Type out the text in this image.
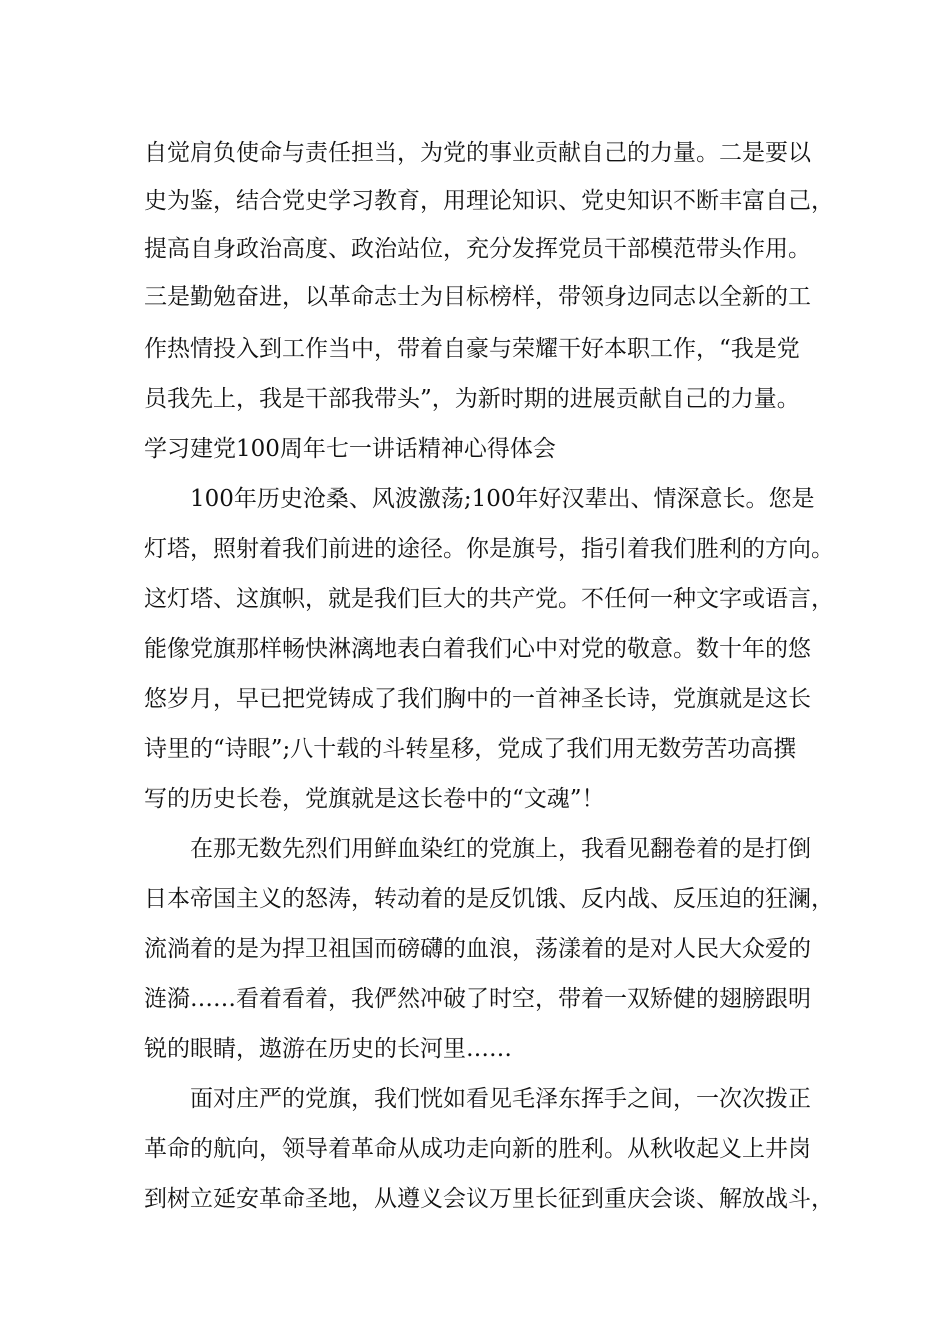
自觉肩负使命与责任担当，为党的事业贡献自己的力量。二是要以
史为鉴，结合党史学习教育，用理论知识、党史知识不断丰富自己，
提高自身政治高度、政治站位，充分发挥党员干部模范带头作用。
三是勤勉奋进，以革命志士为目标榜样，带领身边同志以全新的工
作热情投入到工作当中，带着自豪与荣耀干好本职工作，“我是党
员我先上，我是干部我带头”，为新时期的进展贡献自己的力量。
学习建党100周年七一讲话精神心得体会
100年历史沧桑、风波激荡;100年好汉辈出、情深意长。您是
灯塔，照射着我们前进的途径。你是旗号，指引着我们胜利的方向。
这灯塔、这旗帜，就是我们巨大的共产党。不任何一种文字或语言，
能像党旗那样畅快淋漓地表白着我们心中对党的敬意。数十年的悠
悠岁月，早已把党铸成了我们胸中的一首神圣长诗，党旗就是这长
诗里的“诗眼”;八十载的斗转星移，党成了我们用无数劳苦功高撰
写的历史长卷，党旗就是这长卷中的“文魂”！
在那无数先烈们用鲜血染红的党旗上，我看见翻卷着的是打倒
日本帝国主义的怒涛，转动着的是反饥饿、反内战、反压迫的狂澜，
流淌着的是为捍卫祖国而磅礴的血浪，荡漾着的是对人民大众爱的
涟漪……看着看着，我俨然冲破了时空，带着一双矫健的翅膀跟明
锐的眼睛，遨游在历史的长河里……
面对庄严的党旗，我们恍如看见毛泽东挥手之间，一次次拨正
革命的航向，领导着革命从成功走向新的胜利。从秋收起义上井岗
到树立延安革命圣地，从遵义会议万里长征到重庆会谈、解放战斗，
